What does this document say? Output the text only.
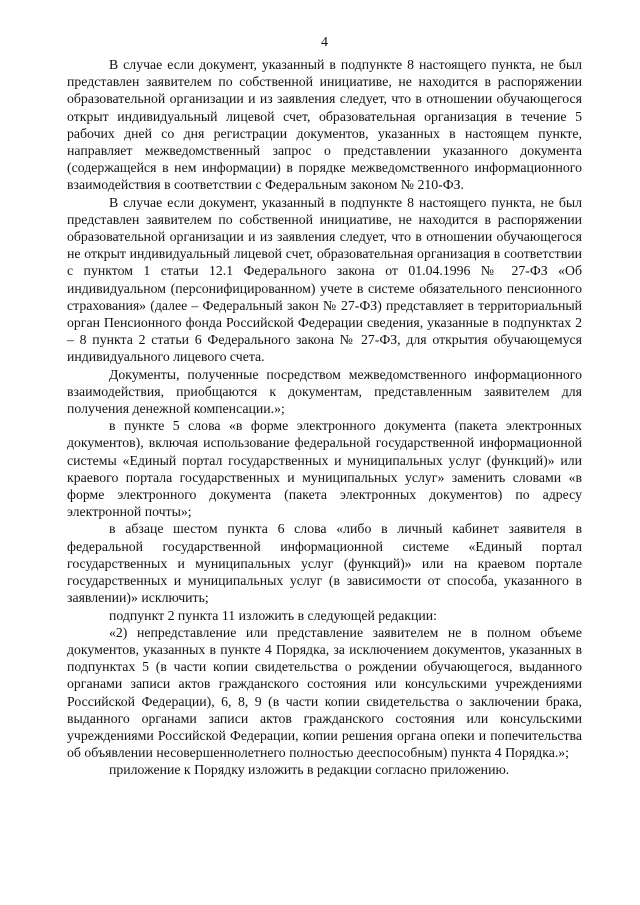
4

В случае если документ, указанный в подпункте 8 настоящего пункта, не был представлен заявителем по собственной инициативе, не находится в распоряжении образовательной организации и из заявления следует, что в отношении обучающегося открыт индивидуальный лицевой счет, образовательная организация в течение 5 рабочих дней со дня регистрации документов, указанных в настоящем пункте, направляет межведомственный запрос о представлении указанного документа (содержащейся в нем информации) в порядке межведомственного информационного взаимодействия в соответствии с Федеральным законом № 210-ФЗ.

В случае если документ, указанный в подпункте 8 настоящего пункта, не был представлен заявителем по собственной инициативе, не находится в распоряжении образовательной организации и из заявления следует, что в отношении обучающегося не открыт индивидуальный лицевой счет, образовательная организация в соответствии с пунктом 1 статьи 12.1 Федерального закона от 01.04.1996 № 27-ФЗ «Об индивидуальном (персонифицированном) учете в системе обязательного пенсионного страхования» (далее – Федеральный закон № 27-ФЗ) представляет в территориальный орган Пенсионного фонда Российской Федерации сведения, указанные в подпунктах 2 – 8 пункта 2 статьи 6 Федерального закона № 27-ФЗ, для открытия обучающемуся индивидуального лицевого счета.

Документы, полученные посредством межведомственного информационного взаимодействия, приобщаются к документам, представленным заявителем для получения денежной компенсации.»;

в пункте 5 слова «в форме электронного документа (пакета электронных документов), включая использование федеральной государственной информационной системы «Единый портал государственных и муниципальных услуг (функций)» или краевого портала государственных и муниципальных услуг» заменить словами «в форме электронного документа (пакета электронных документов) по адресу электронной почты»;

в абзаце шестом пункта 6 слова «либо в личный кабинет заявителя в федеральной государственной информационной системе «Единый портал государственных и муниципальных услуг (функций)» или на краевом портале государственных и муниципальных услуг (в зависимости от способа, указанного в заявлении)» исключить;

подпункт 2 пункта 11 изложить в следующей редакции:

«2) непредставление или представление заявителем не в полном объеме документов, указанных в пункте 4 Порядка, за исключением документов, указанных в подпунктах 5 (в части копии свидетельства о рождении обучающегося, выданного органами записи актов гражданского состояния или консульскими учреждениями Российской Федерации), 6, 8, 9 (в части копии свидетельства о заключении брака, выданного органами записи актов гражданского состояния или консульскими учреждениями Российской Федерации, копии решения органа опеки и попечительства об объявлении несовершеннолетнего полностью дееспособным) пункта 4 Порядка.»;

приложение к Порядку изложить в редакции согласно приложению.
